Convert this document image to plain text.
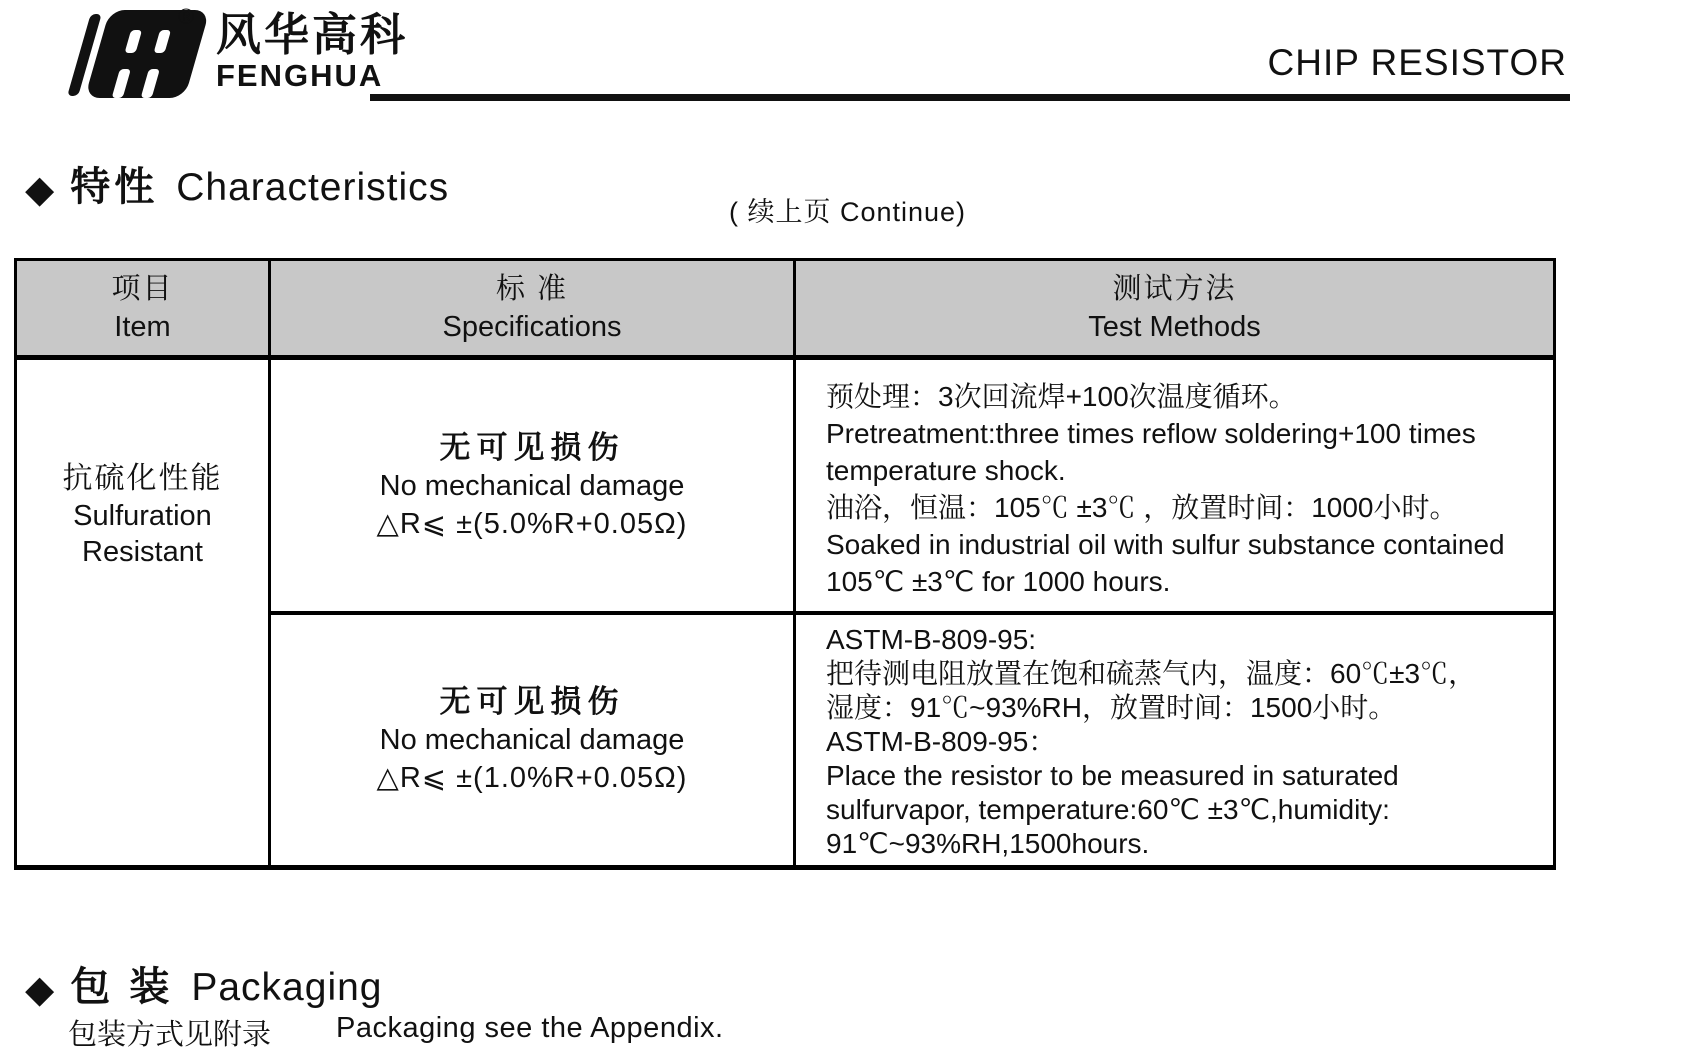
® 风华高科
FENGHUA	CHIP RESISTOR
◆ 特性 Characteristics
( 续上页 Continue)
项目
Item
标 准
Specifications
测试方法
Test Methods
抗硫化性能
Sulfuration
Resistant
无可见损伤
No mechanical damage
△R⩽ ±(5.0%R+0.05Ω)
预处理：3次回流焊+100次温度循环。
Pretreatment:three times reflow soldering+100 times
temperature shock.
油浴，恒温：105℃ ±3℃ ，放置时间：1000小时。
Soaked in industrial oil with sulfur substance contained
105℃ ±3℃ for 1000 hours.
无可见损伤
No mechanical damage
△R⩽ ±(1.0%R+0.05Ω)
ASTM-B-809-95:
把待测电阻放置在饱和硫蒸气内，温度：60℃±3℃，
湿度：91℃~93%RH，放置时间：1500小时。
ASTM-B-809-95：
Place the resistor to be measured in saturated
sulfurvapor, temperature:60℃ ±3℃,humidity:
91℃~93%RH,1500hours.
◆ 包 装 Packaging
包装方式见附录 Packaging see the Appendix.
